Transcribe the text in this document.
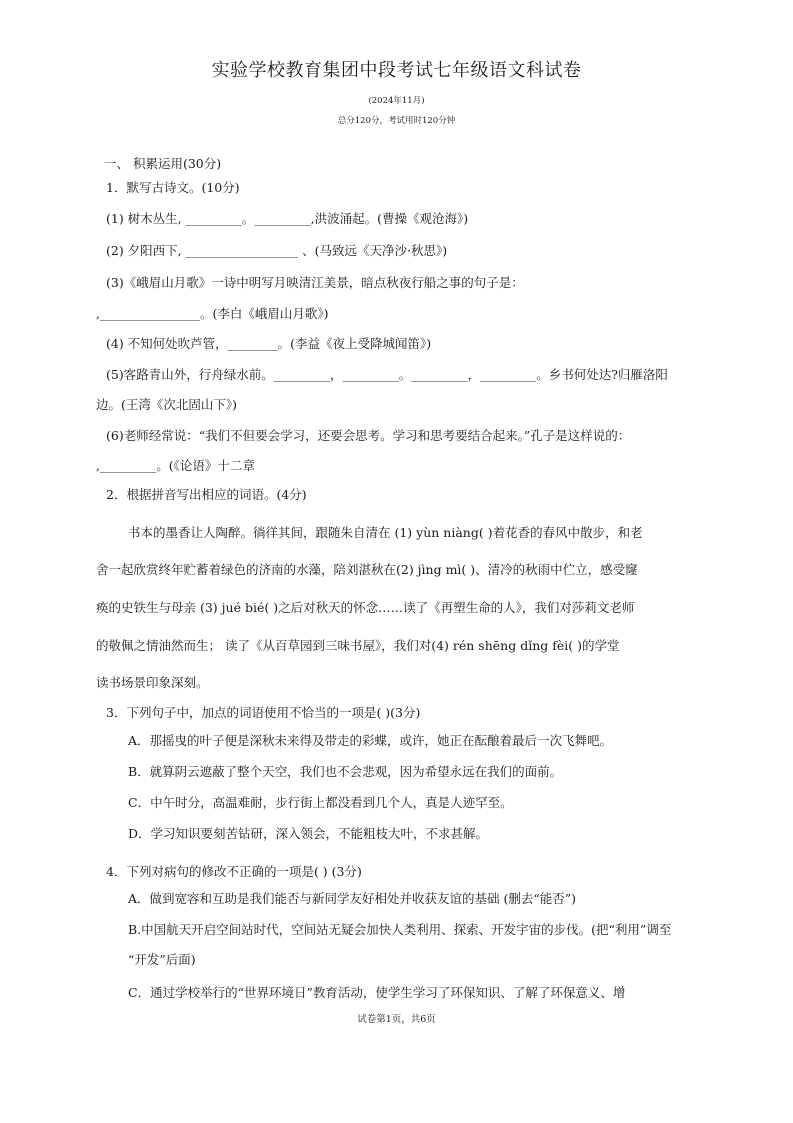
实验学校教育集团中段考试七年级语文科试卷
(2024年11月)
总分120分，考试用时120分钟
一、 积累运用(30分)
1．默写古诗文。(10分)
(1) 树木丛生, _________。_________,洪波涌起。(曹操《观沧海》)
(2) 夕阳西下, __________________ 、(马致远《天净沙·秋思》)
(3)《峨眉山月歌》一诗中明写月映清江美景，暗点秋夜行船之事的句子是：
,________________。(李白《峨眉山月歌》)
(4) 不知何处吹芦管，________。(李益《夜上受降城闻笛》)
(5)客路青山外，行舟绿水前。_________，_________。_________，_________。乡书何处达?归雁洛阳
边。(王湾《次北固山下》)
(6)老师经常说：“我们不但要会学习，还要会思考。学习和思考要结合起来。”孔子是这样说的：
,_________。(《论语》十二章
2．根据拼音写出相应的词语。(4分)
书本的墨香让人陶醉。徜徉其间，跟随朱自清在 (1) yùn niàng( )着花香的春风中散步，和老
舍一起欣赏终年贮蓄着绿色的济南的水藻，陪刘湛秋在(2) jìng mì( )、清冷的秋雨中伫立，感受窿
痪的史铁生与母亲 (3) jué bié( )之后对秋天的怀念……读了《再塑生命的人》，我们对莎莉文老师
的敬佩之情油然而生； 读了《从百草园到三味书屋》，我们对(4) rén shēng dǐng fèi( )的学堂
读书场景印象深刻。
3．下列句子中，加点的词语使用不恰当的一项是( )(3分)
A．那摇曳的叶子便是深秋未来得及带走的彩蝶，或许，她正在酝酿着最后一次飞舞吧。
B．就算阴云遮蔽了整个天空，我们也不会悲观，因为希望永远在我们的面前。
C．中午时分，高温难耐，步行街上都没看到几个人，真是人迹罕至。
D．学习知识要刻苦钻研，深入领会，不能粗枝大叶，不求甚解。
4．下列对病句的修改不正确的一项是( ) (3分)
A．做到宽容和互助是我们能否与新同学友好相处并收获友谊的基础 (删去“能否”)
B.中国航天开启空间站时代，空间站无疑会加快人类利用、探索、开发宇宙的步伐。(把“利用”调至
“开发”后面)
C．通过学校举行的“世界环境日”教育活动，使学生学习了环保知识、了解了环保意义、增
试卷第1页，共6页
